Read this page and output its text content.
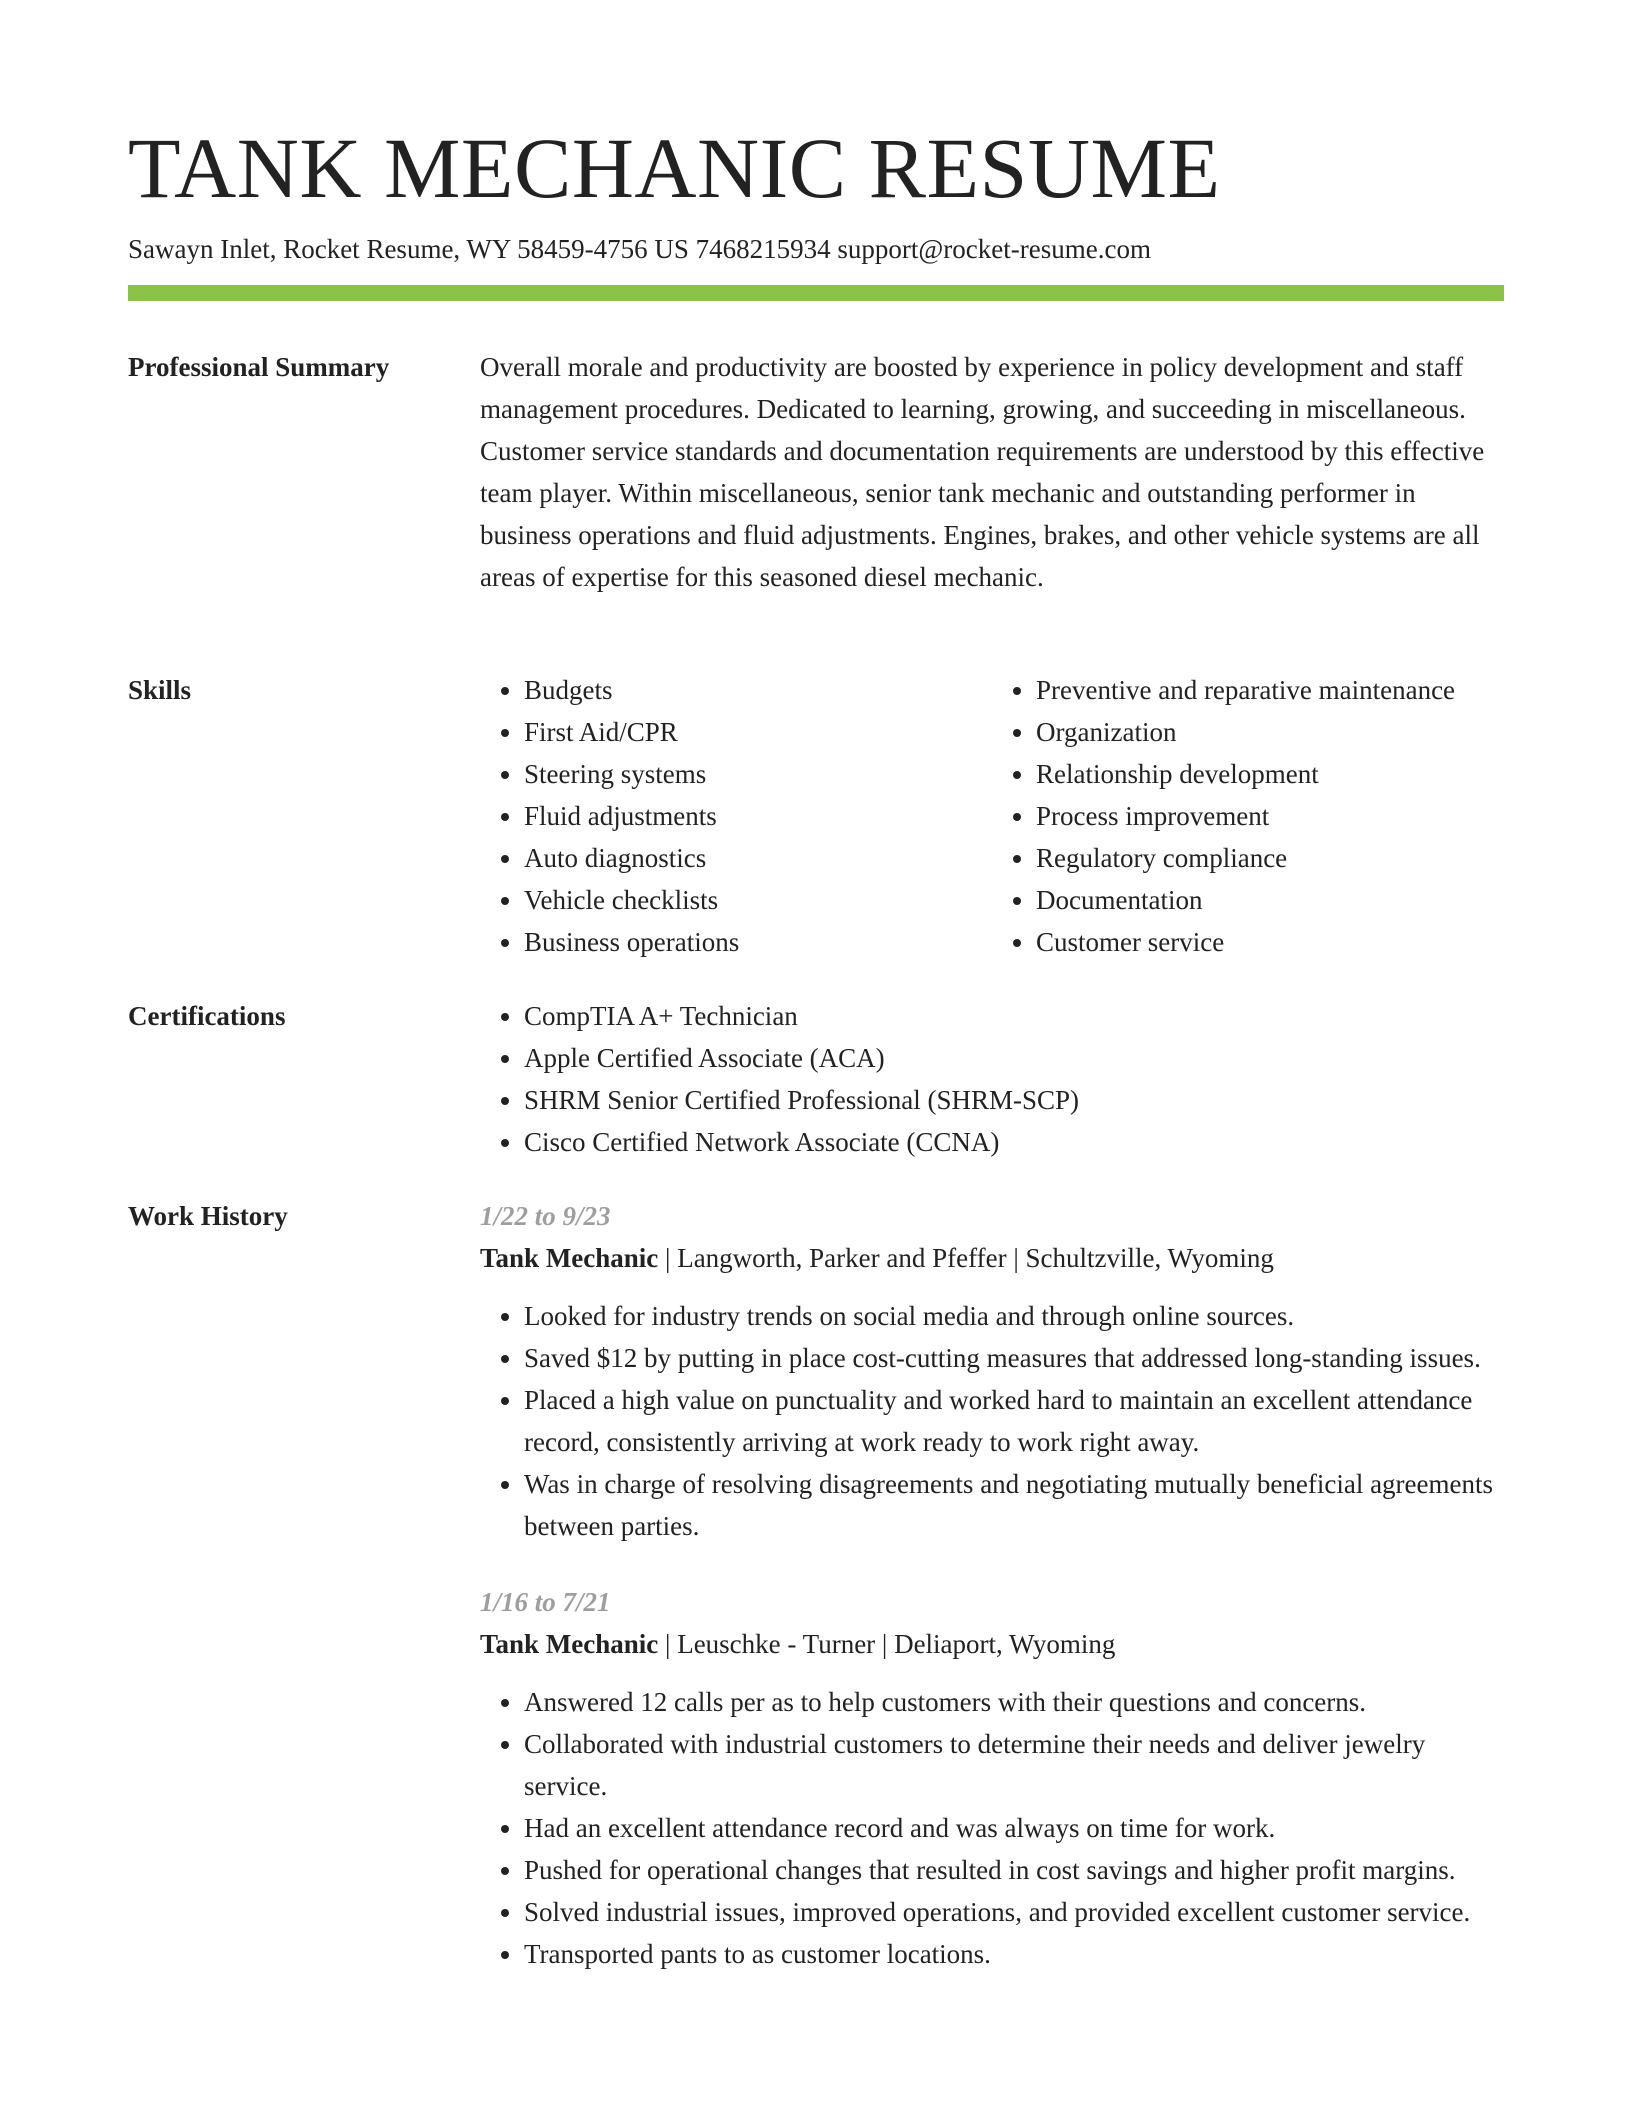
TANK MECHANIC RESUME
Sawayn Inlet, Rocket Resume, WY 58459-4756 US 7468215934 support@rocket-resume.com
Professional Summary	Overall morale and productivity are boosted by experience in policy development and staff management procedures. Dedicated to learning, growing, and succeeding in miscellaneous. Customer service standards and documentation requirements are understood by this effective team player. Within miscellaneous, senior tank mechanic and outstanding performer in business operations and fluid adjustments. Engines, brakes, and other vehicle systems are all areas of expertise for this seasoned diesel mechanic.

Skills	• Budgets
• First Aid/CPR
• Steering systems
• Fluid adjustments
• Auto diagnostics
• Vehicle checklists
• Business operations
• Preventive and reparative maintenance
• Organization
• Relationship development
• Process improvement
• Regulatory compliance
• Documentation
• Customer service
Certifications	• CompTIA A+ Technician
• Apple Certified Associate (ACA)
• SHRM Senior Certified Professional (SHRM-SCP)
• Cisco Certified Network Associate (CCNA)
Work History	1/22 to 9/23
Tank Mechanic | Langworth, Parker and Pfeffer | Schultzville, Wyoming
• Looked for industry trends on social media and through online sources.
• Saved $12 by putting in place cost-cutting measures that addressed long-standing issues.
• Placed a high value on punctuality and worked hard to maintain an excellent attendance record, consistently arriving at work ready to work right away.
• Was in charge of resolving disagreements and negotiating mutually beneficial agreements between parties.
1/16 to 7/21
Tank Mechanic | Leuschke - Turner | Deliaport, Wyoming
• Answered 12 calls per as to help customers with their questions and concerns.
• Collaborated with industrial customers to determine their needs and deliver jewelry service.
• Had an excellent attendance record and was always on time for work.
• Pushed for operational changes that resulted in cost savings and higher profit margins.
• Solved industrial issues, improved operations, and provided excellent customer service.
• Transported pants to as customer locations.
